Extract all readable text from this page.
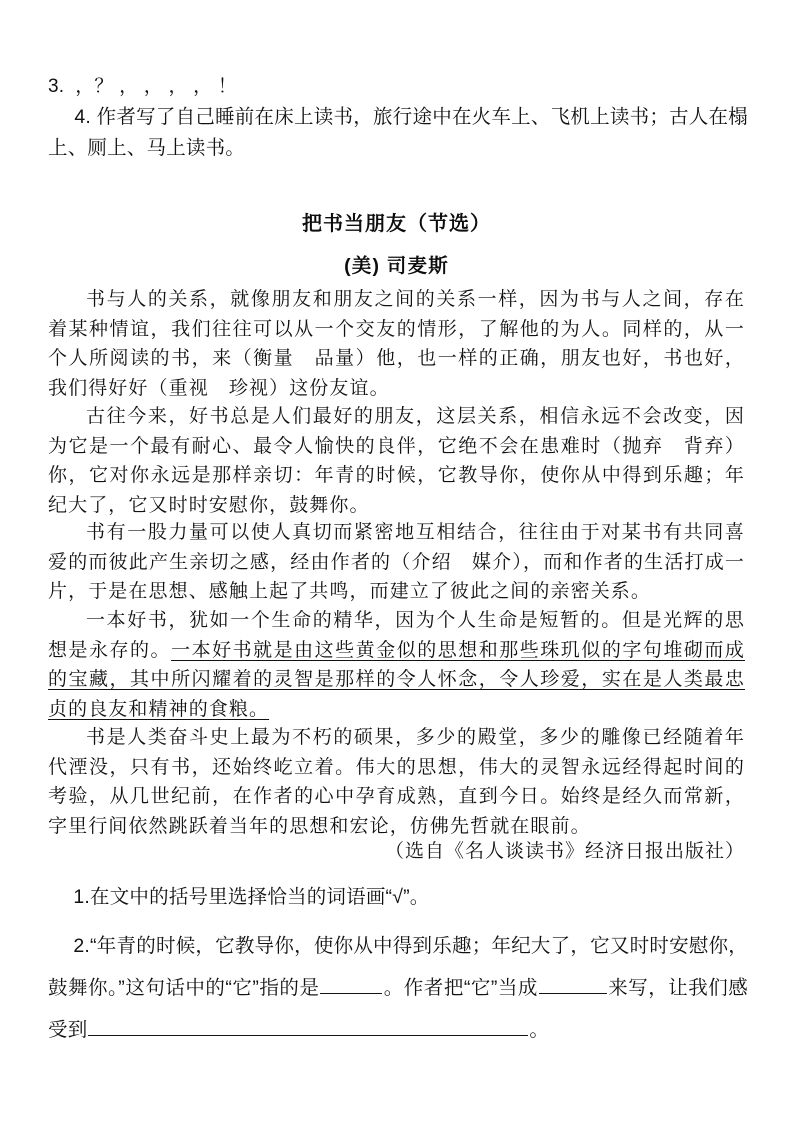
3.  ，？ ， ， ， ， ！
4. 作者写了自己睡前在床上读书，旅行途中在火车上、飞机上读书；古人在榻上、厕上、马上读书。
把书当朋友（节选）
(美) 司麦斯
书与人的关系，就像朋友和朋友之间的关系一样，因为书与人之间，存在着某种情谊，我们往往可以从一个交友的情形，了解他的为人。同样的，从一个人所阅读的书，来（衡量　品量）他，也一样的正确，朋友也好，书也好，我们得好好（重视　珍视）这份友谊。
古往今来，好书总是人们最好的朋友，这层关系，相信永远不会改变，因为它是一个最有耐心、最令人愉快的良伴，它绝不会在患难时（抛弃　背弃）你，它对你永远是那样亲切：年青的时候，它教导你，使你从中得到乐趣；年纪大了，它又时时安慰你，鼓舞你。
书有一股力量可以使人真切而紧密地互相结合，往往由于对某书有共同喜爱的而彼此产生亲切之感，经由作者的（介绍　媒介），而和作者的生活打成一片，于是在思想、感触上起了共鸣，而建立了彼此之间的亲密关系。
一本好书，犹如一个生命的精华，因为个人生命是短暂的。但是光辉的思想是永存的。一本好书就是由这些黄金似的思想和那些珠玑似的字句堆砌而成的宝藏，其中所闪耀着的灵智是那样的令人怀念，令人珍爱，实在是人类最忠贞的良友和精神的食粮。
书是人类奋斗史上最为不朽的硕果，多少的殿堂，多少的雕像已经随着年代湮没，只有书，还始终屹立着。伟大的思想，伟大的灵智永远经得起时间的考验，从几世纪前，在作者的心中孕育成熟，直到今日。始终是经久而常新，字里行间依然跳跃着当年的思想和宏论，仿佛先哲就在眼前。
（选自《名人谈读书》经济日报出版社）
1.在文中的括号里选择恰当的词语画“√”。
2.“年青的时候，它教导你，使你从中得到乐趣；年纪大了，它又时时安慰你，鼓舞你。”这句话中的“它”指的是	。作者把“它”当成	来写，让我们感受到	。
